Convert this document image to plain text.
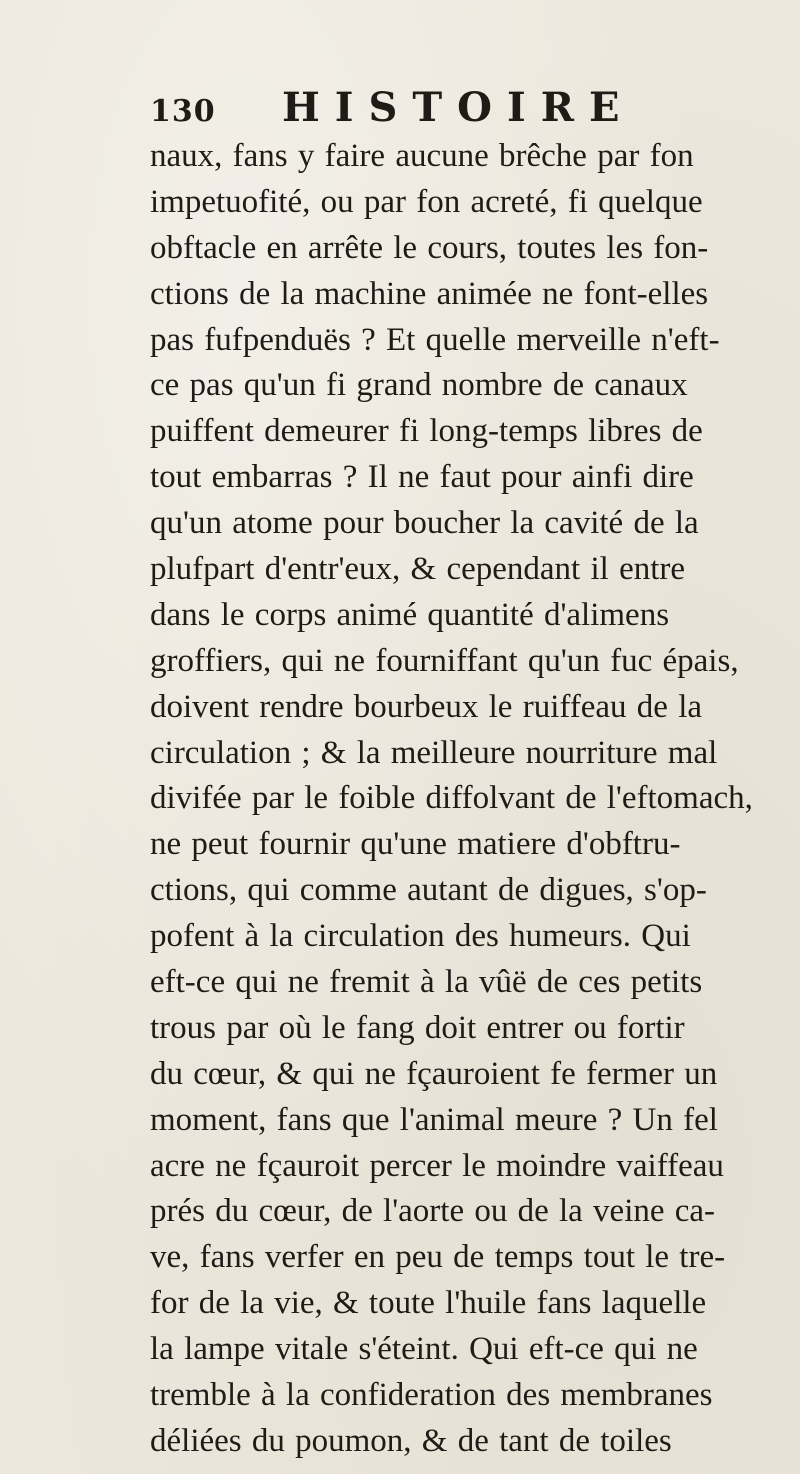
130 HISTOIRE
naux, fans y faire aucune brêche par fon
impetuofité, ou par fon acreté, fi quelque
obftacle en arrête le cours, toutes les fon-
ctions de la machine animée ne font-elles
pas fufpenduës ? Et quelle merveille n'eft-
ce pas qu'un fi grand nombre de canaux
puiffent demeurer fi long-temps libres de
tout embarras ? Il ne faut pour ainfi dire
qu'un atome pour boucher la cavité de la
plufpart d'entr'eux, & cependant il entre
dans le corps animé quantité d'alimens
groffiers, qui ne fourniffant qu'un fuc épais,
doivent rendre bourbeux le ruiffeau de la
circulation ; & la meilleure nourriture mal
divifée par le foible diffolvant de l'eftomach,
ne peut fournir qu'une matiere d'obftru-
ctions, qui comme autant de digues, s'op-
pofent à la circulation des humeurs. Qui
eft-ce qui ne fremit à la vûë de ces petits
trous par où le fang doit entrer ou fortir
du cœur, & qui ne fçauroient fe fermer un
moment, fans que l'animal meure ? Un fel
acre ne fçauroit percer le moindre vaiffeau
prés du cœur, de l'aorte ou de la veine ca-
ve, fans verfer en peu de temps tout le tre-
for de la vie, & toute l'huile fans laquelle
la lampe vitale s'éteint. Qui eft-ce qui ne
tremble à la confideration des membranes
déliées du poumon, & de tant de toiles
